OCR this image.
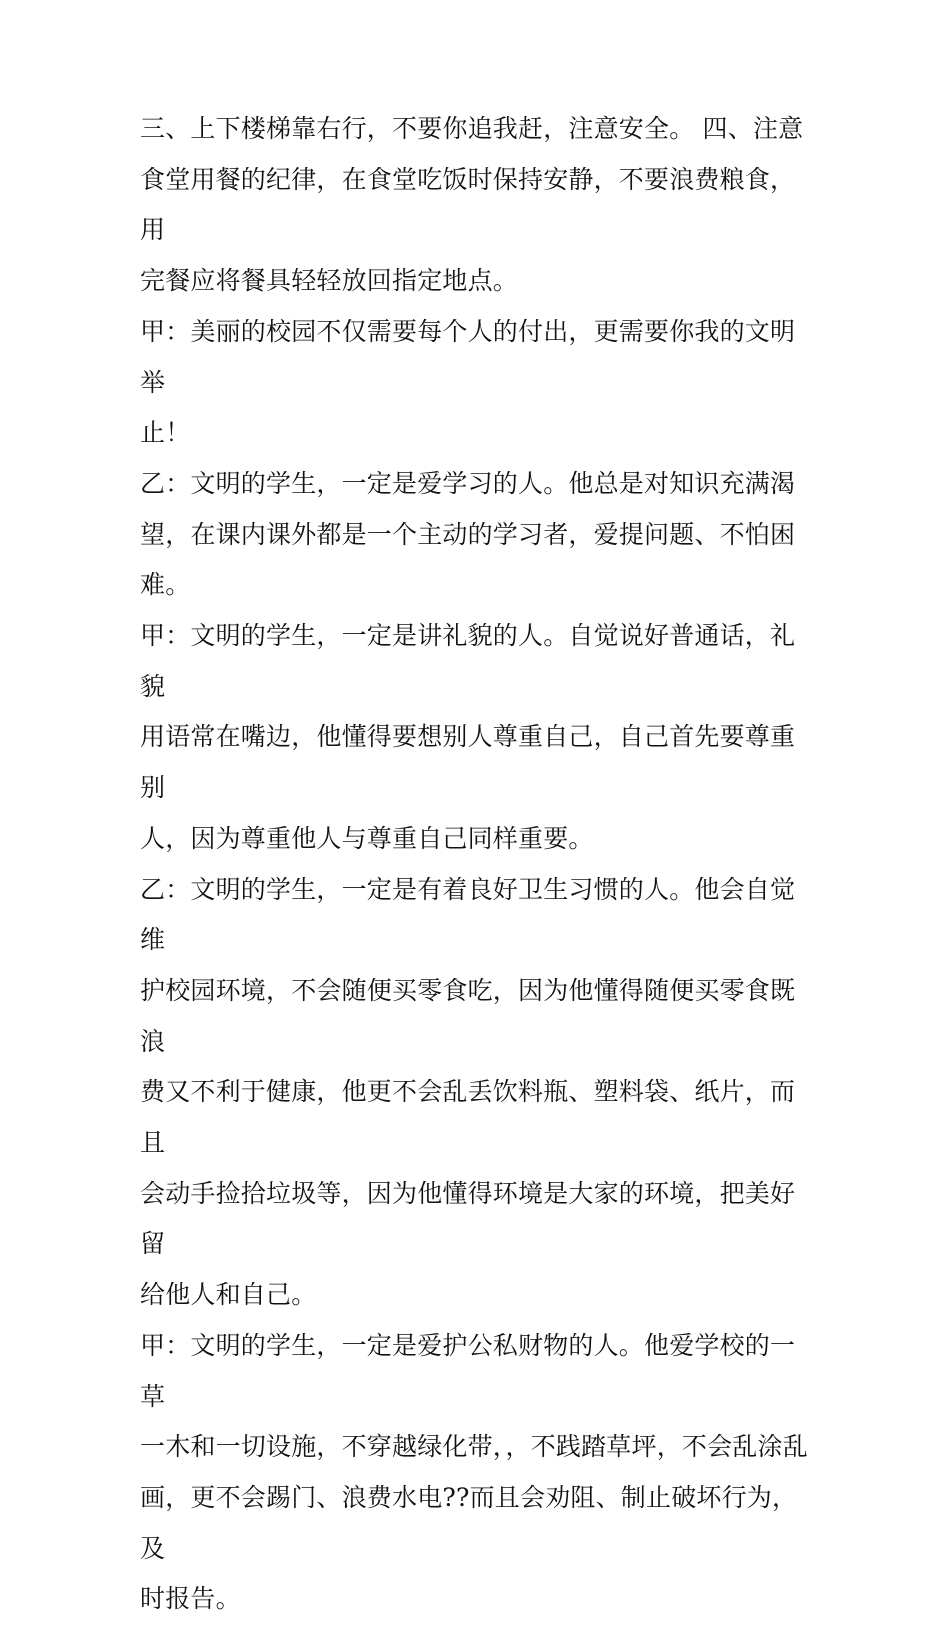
三、上下楼梯靠右行，不要你追我赶，注意安全。 四、注意
食堂用餐的纪律，在食堂吃饭时保持安静，不要浪费粮食，用
完餐应将餐具轻轻放回指定地点。

甲：美丽的校园不仅需要每个人的付出，更需要你我的文明举
止！

乙：文明的学生，一定是爱学习的人。他总是对知识充满渴
望，在课内课外都是一个主动的学习者，爱提问题、不怕困
难。

甲：文明的学生，一定是讲礼貌的人。自觉说好普通话，礼貌
用语常在嘴边，他懂得要想别人尊重自己，自己首先要尊重别
人，因为尊重他人与尊重自己同样重要。

乙：文明的学生，一定是有着良好卫生习惯的人。他会自觉维
护校园环境，不会随便买零食吃，因为他懂得随便买零食既浪
费又不利于健康，他更不会乱丢饮料瓶、塑料袋、纸片，而且
会动手捡拾垃圾等，因为他懂得环境是大家的环境，把美好留
给他人和自己。

甲：文明的学生，一定是爱护公私财物的人。他爱学校的一草
一木和一切设施，不穿越绿化带，，不践踏草坪，不会乱涂乱
画，更不会踢门、浪费水电??而且会劝阻、制止破坏行为，及
时报告。
